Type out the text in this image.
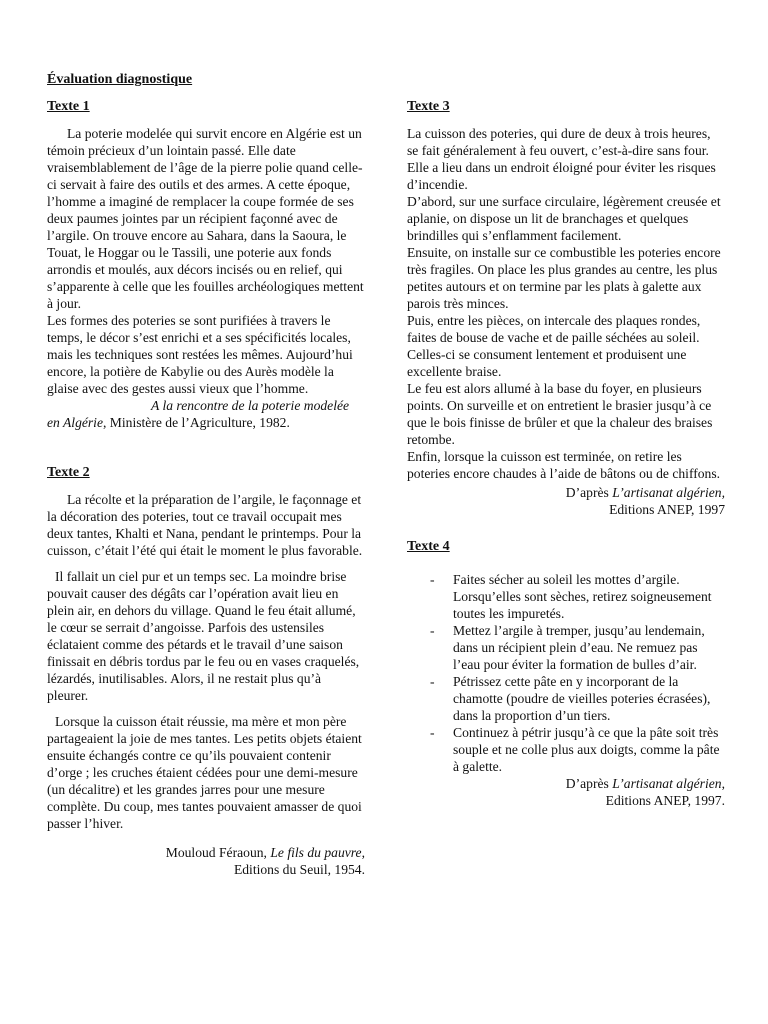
Évaluation diagnostique
Texte 1

La poterie modelée qui survit encore en Algérie est un témoin précieux d’un lointain passé. Elle date vraisemblablement de l’âge de la pierre polie quand celle-ci servait à faire des outils et des armes. A cette époque, l’homme a imaginé de remplacer la coupe formée de ses deux paumes jointes par un récipient façonné avec de l’argile. On trouve encore au Sahara, dans la Saoura, le Touat, le Hoggar ou le Tassili, une poterie aux fonds arrondis et moulés, aux décors incisés ou en relief, qui s’apparente à celle que les fouilles archéologiques mettent à jour.

Les formes des poteries se sont purifiées à travers le temps, le décor s’est enrichi et a ses spécificités locales, mais les techniques sont restées les mêmes. Aujourd’hui encore, la potière de Kabylie ou des Aurès modèle la glaise avec des gestes aussi vieux que l’homme.

A la rencontre de la poterie modelée en Algérie, Ministère de l’Agriculture, 1982.

Texte 2

La récolte et la préparation de l’argile, le façonnage et la décoration des poteries, tout ce travail occupait mes deux tantes, Khalti et Nana, pendant le printemps. Pour la cuisson, c’était l’été qui était le moment le plus favorable.

Il fallait un ciel pur et un temps sec. La moindre brise pouvait causer des dégâts car l’opération avait lieu en plein air, en dehors du village. Quand le feu était allumé, le cœur se serrait d’angoisse. Parfois des ustensiles éclataient comme des pétards et le travail d’une saison finissait en débris tordus par le feu ou en vases craquelés, lézardés, inutilisables. Alors, il ne restait plus qu’à pleurer.

Lorsque la cuisson était réussie, ma mère et mon père partageaient la joie de mes tantes. Les petits objets étaient ensuite échangés contre ce qu’ils pouvaient contenir d’orge ; les cruches étaient cédées pour une demi-mesure (un décalitre) et les grandes jarres pour une mesure complète. Du coup, mes tantes pouvaient amasser de quoi passer l’hiver.

Mouloud Féraoun, Le fils du pauvre,

Editions du Seuil, 1954.

Texte 3

La cuisson des poteries, qui dure de deux à trois heures, se fait généralement à feu ouvert, c’est-à-dire sans four. Elle a lieu dans un endroit éloigné pour éviter les risques d’incendie.

D’abord, sur une surface circulaire, légèrement creusée et aplanie, on dispose un lit de branchages et quelques brindilles qui s’enflamment facilement.

Ensuite, on installe sur ce combustible les poteries encore très fragiles. On place les plus grandes au centre, les plus petites autours et on termine par les plats à galette aux parois très minces.

Puis, entre les pièces, on intercale des plaques rondes, faites de bouse de vache et de paille séchées au soleil. Celles-ci se consument lentement et produisent une excellente braise.

Le feu est alors allumé à la base du foyer, en plusieurs points. On surveille et on entretient le brasier jusqu’à ce que le bois finisse de brûler et que la chaleur des braises retombe.

Enfin, lorsque la cuisson est terminée, on retire les poteries encore chaudes à l’aide de bâtons ou de chiffons.

D’après L’artisanat algérien,

Editions ANEP, 1997

Texte 4
- Faites sécher au soleil les mottes d’argile. Lorsqu’elles sont sèches, retirez soigneusement toutes les impuretés.
- Mettez l’argile à tremper, jusqu’au lendemain, dans un récipient plein d’eau. Ne remuez pas l’eau pour éviter la formation de bulles d’air.
- Pétrissez cette pâte en y incorporant de la chamotte (poudre de vieilles poteries écrasées), dans la proportion d’un tiers.
- Continuez à pétrir jusqu’à ce que la pâte soit très souple et ne colle plus aux doigts, comme la pâte à galette.

D’après L’artisanat algérien,

Editions ANEP, 1997.
